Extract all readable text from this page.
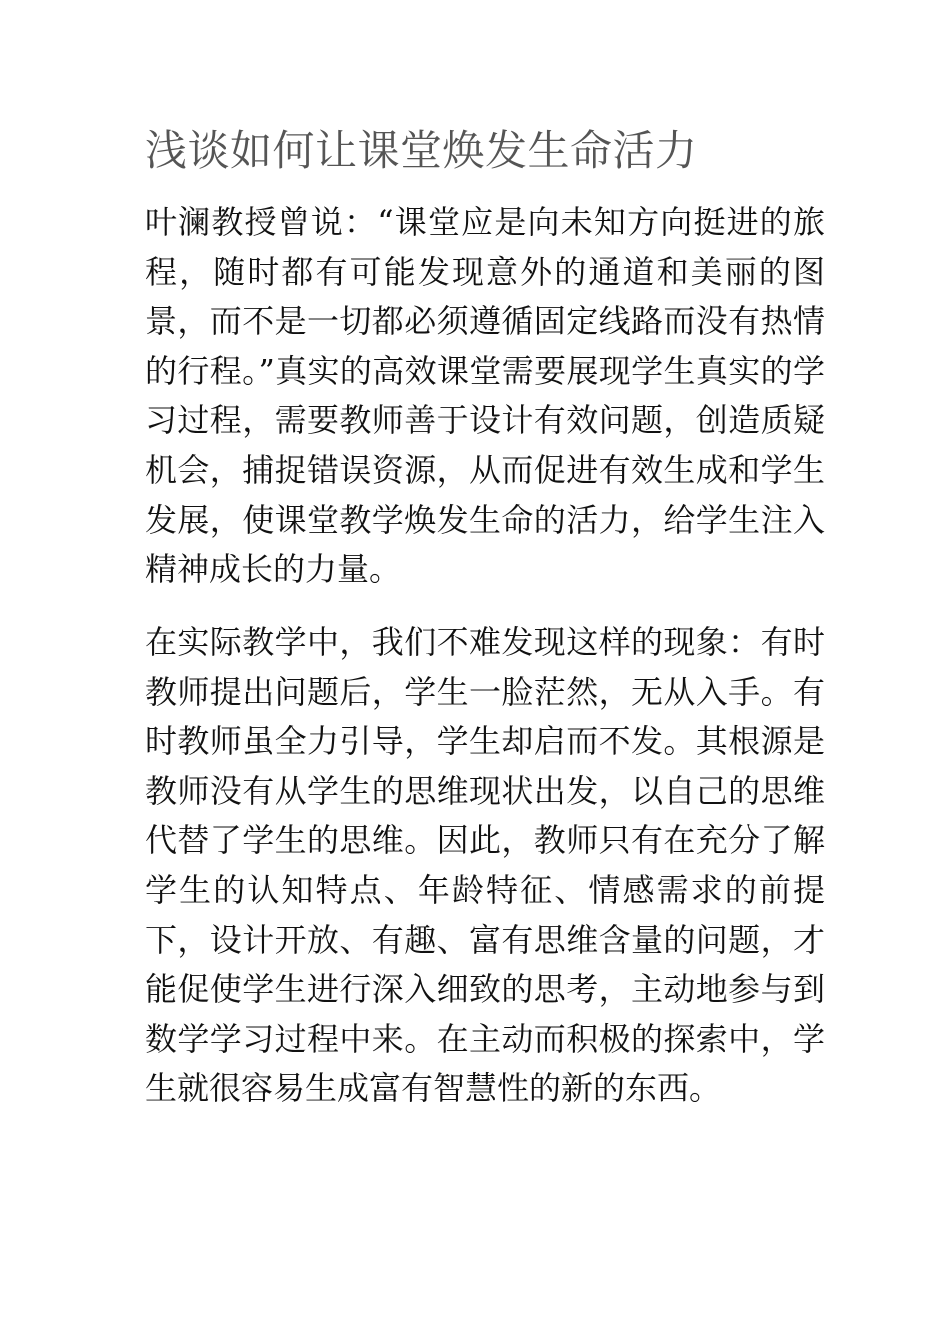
浅谈如何让课堂焕发生命活力

叶澜教授曾说：“课堂应是向未知方向挺进的旅程，随时都有可能发现意外的通道和美丽的图景，而不是一切都必须遵循固定线路而没有热情的行程。”真实的高效课堂需要展现学生真实的学习过程，需要教师善于设计有效问题，创造质疑机会，捕捉错误资源，从而促进有效生成和学生发展，使课堂教学焕发生命的活力，给学生注入精神成长的力量。

在实际教学中，我们不难发现这样的现象：有时教师提出问题后，学生一脸茫然，无从入手。有时教师虽全力引导，学生却启而不发。其根源是教师没有从学生的思维现状出发，以自己的思维代替了学生的思维。因此，教师只有在充分了解学生的认知特点、年龄特征、情感需求的前提下，设计开放、有趣、富有思维含量的问题，才能促使学生进行深入细致的思考，主动地参与到数学学习过程中来。在主动而积极的探索中，学生就很容易生成富有智慧性的新的东西。
